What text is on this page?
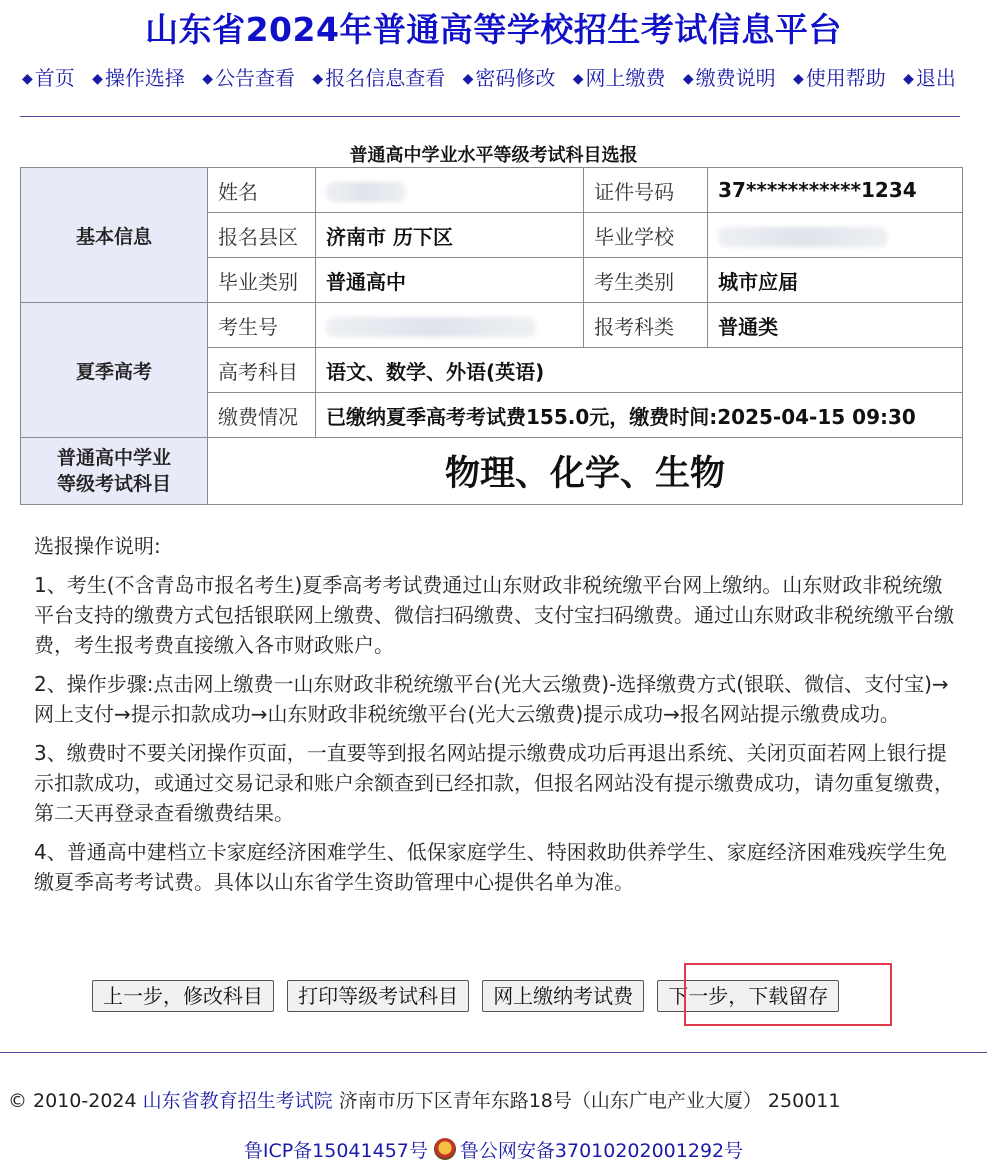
山东省2024年普通高等学校招生考试信息平台
◆ 首页 ◆ 操作选择 ◆ 公告查看 ◆ 报名信息查看 ◆ 密码修改 ◆ 网上缴费 ◆ 缴费说明 ◆ 使用帮助 ◆ 退出
普通高中学业水平等级考试科目选报
基本信息	姓名		证件号码	37***********1234
	报名县区	济南市 历下区	毕业学校	
	毕业类别	普通高中	考生类别	城市应届
夏季高考	考生号		报考科类	普通类
	高考科目	语文、数学、外语(英语)		
	缴费情况	已缴纳夏季高考考试费155.0元，缴费时间:2025-04-15 09:30		
普通高中学业
等级考试科目	物理、化学、生物			

选报操作说明:

1、考生(不含青岛市报名考生)夏季高考考试费通过山东财政非税统缴平台网上缴纳。山东财政非税统缴平台支持的缴费方式包括银联网上缴费、微信扫码缴费、支付宝扫码缴费。通过山东财政非税统缴平台缴费，考生报考费直接缴入各市财政账户。

2、操作步骤:点击网上缴费一山东财政非税统缴平台(光大云缴费)-选择缴费方式(银联、微信、支付宝)→网上支付→提示扣款成功→山东财政非税统缴平台(光大云缴费)提示成功→报名网站提示缴费成功。

3、缴费时不要关闭操作页面，一直要等到报名网站提示缴费成功后再退出系统、关闭页面若网上银行提示扣款成功，或通过交易记录和账户余额查到已经扣款，但报名网站没有提示缴费成功，请勿重复缴费，第二天再登录查看缴费结果。

4、普通高中建档立卡家庭经济困难学生、低保家庭学生、特困救助供养学生、家庭经济困难残疾学生免缴夏季高考考试费。具体以山东省学生资助管理中心提供名单为准。

上一步，修改科目 打印等级考试科目 网上缴纳考试费 下一步，下载留存
© 2010-2024 山东省教育招生考试院 济南市历下区青年东路18号（山东广电产业大厦） 250011
鲁ICP备15041457号 鲁公网安备37010202001292号
